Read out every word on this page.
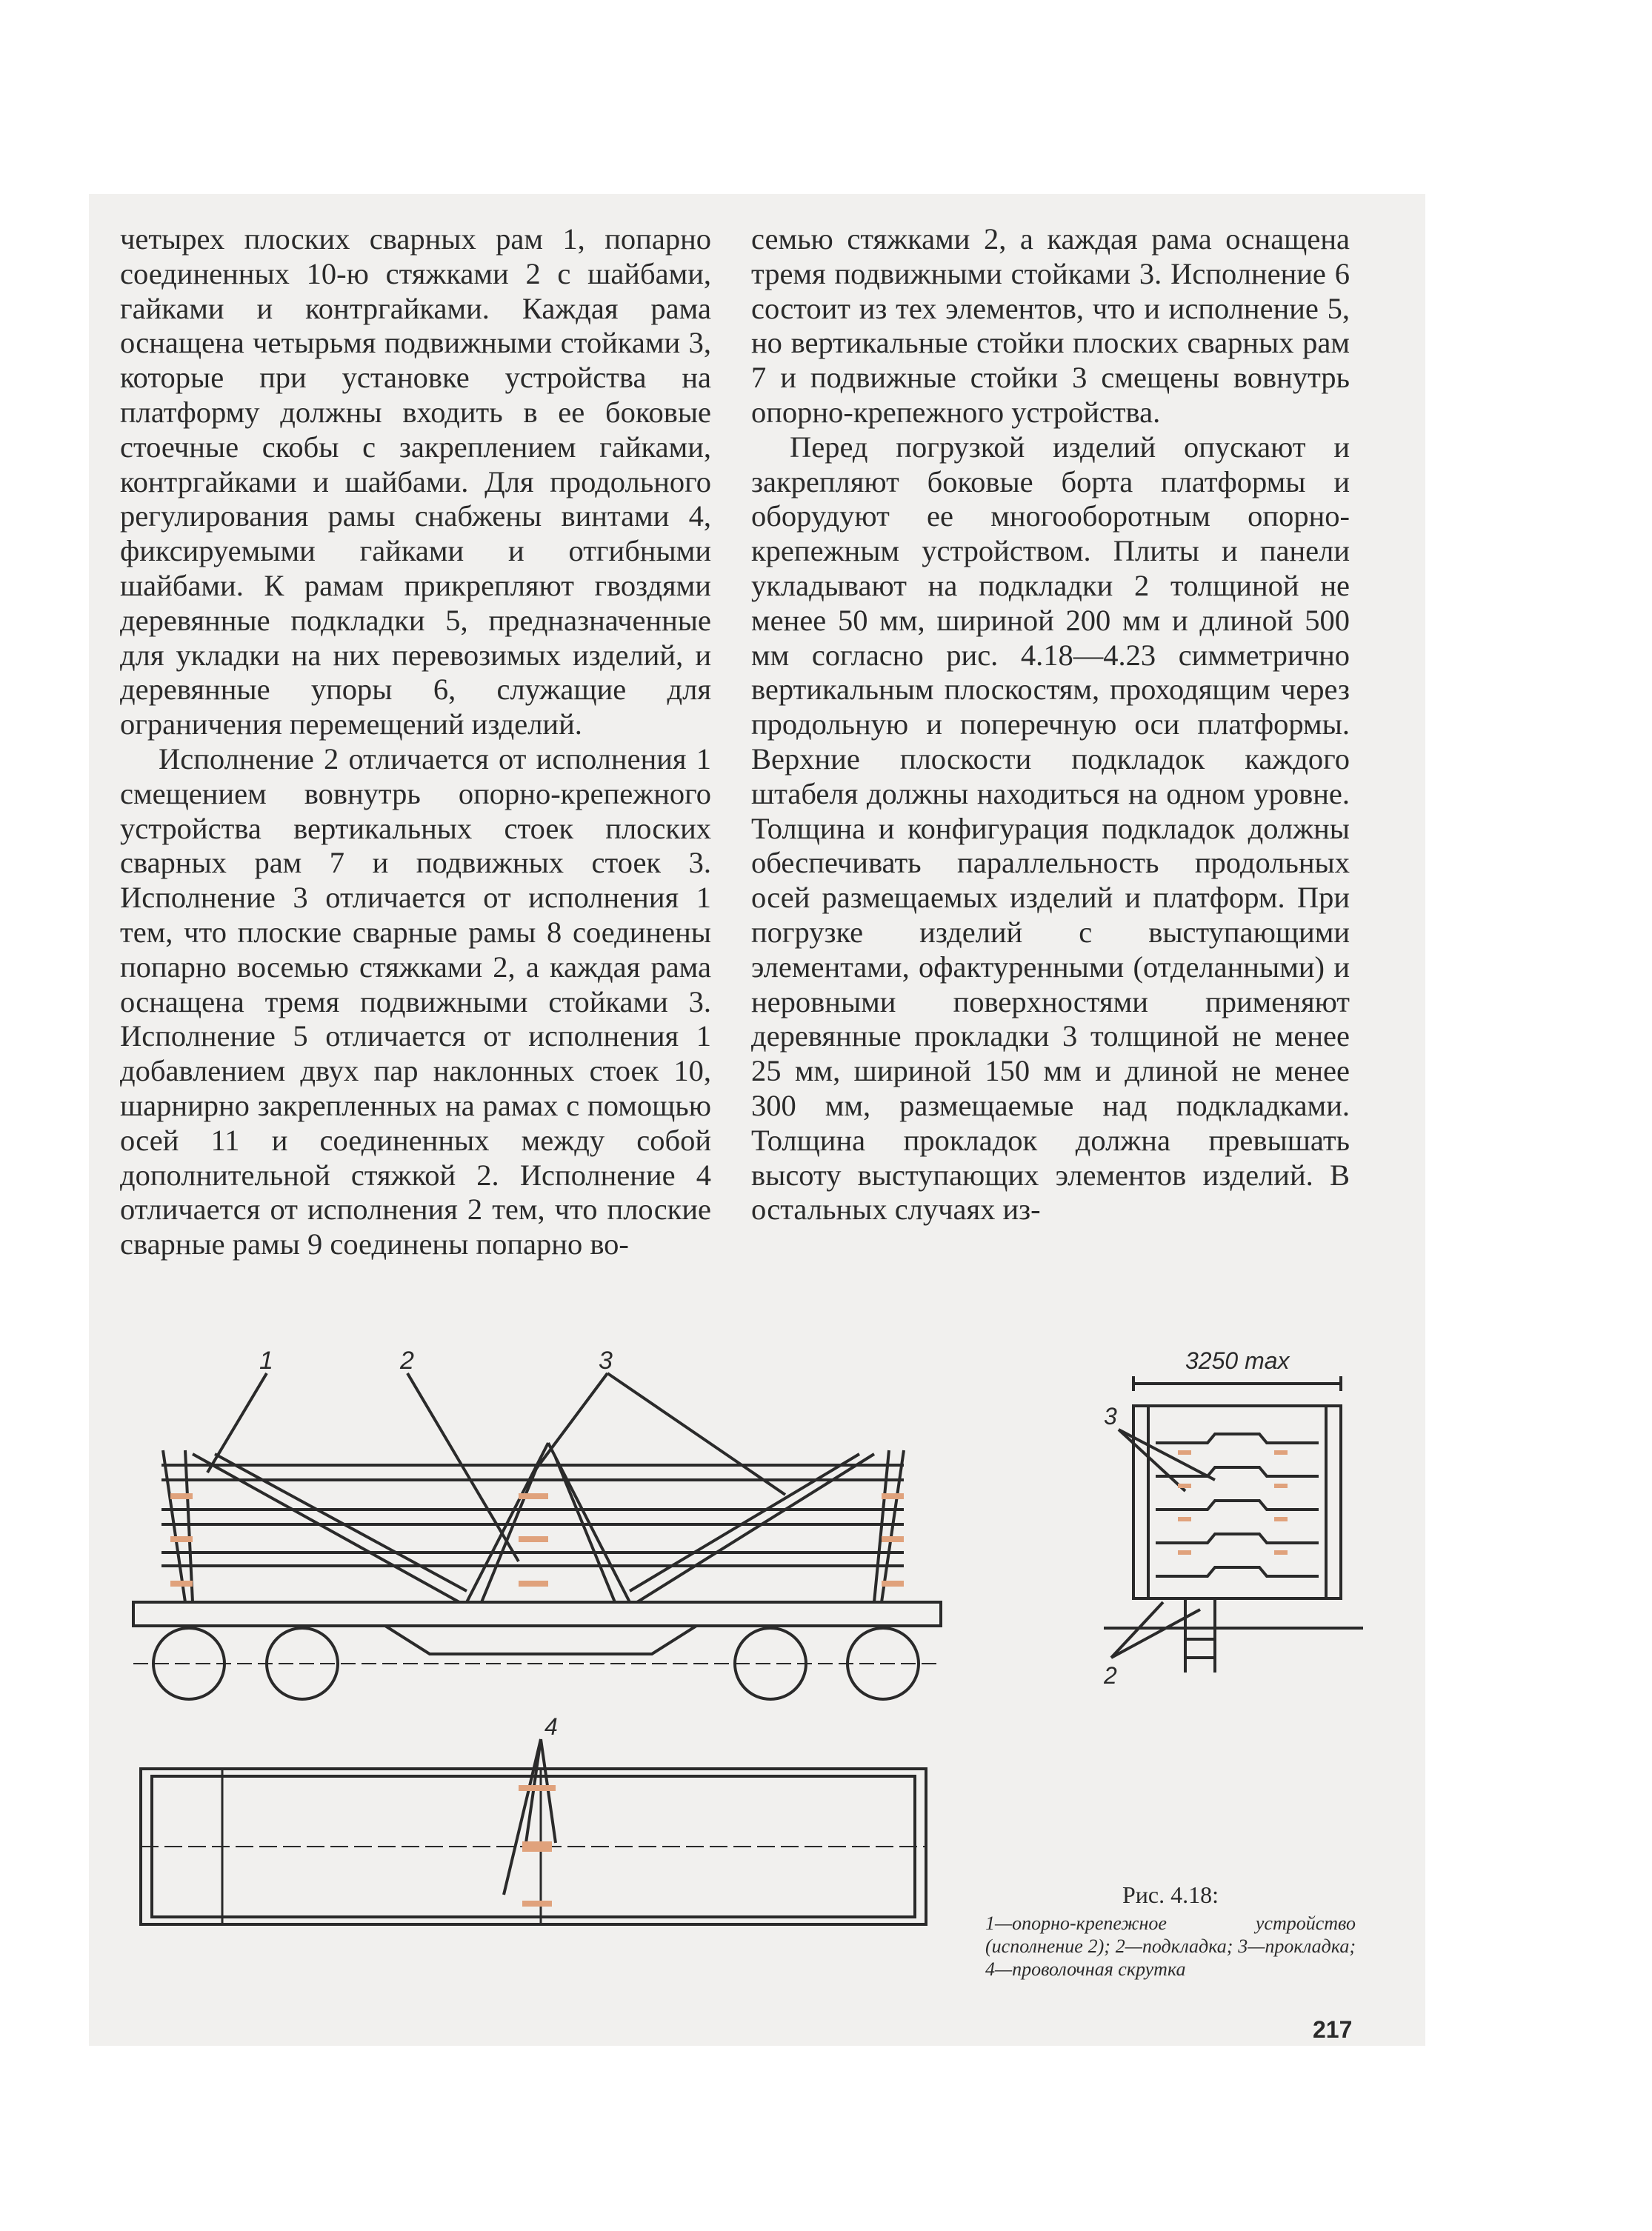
четырех плоских сварных рам 1, попарно соединенных 10-ю стяжками 2 с шайбами, гайками и контргайками. Каждая рама оснащена четырьмя подвижными стойками 3, которые при установке устройства на платформу должны входить в ее боковые стоечные скобы с закреплением гайками, контргайками и шайбами. Для продольного регулирования рамы снабжены винтами 4, фиксируемыми гайками и отгибными шайбами. К рамам прикрепляют гвоздями деревянные подкладки 5, предназначенные для укладки на них перевозимых изделий, и деревянные упоры 6, служащие для ограничения перемещений изделий.

Исполнение 2 отличается от исполнения 1 смещением вовнутрь опорно-крепежного устройства вертикальных стоек плоских сварных рам 7 и подвижных стоек 3. Исполнение 3 отличается от исполнения 1 тем, что плоские сварные рамы 8 соединены попарно восемью стяжками 2, а каждая рама оснащена тремя подвижными стойками 3. Исполнение 5 отличается от исполнения 1 добавлением двух пар наклонных стоек 10, шарнирно закрепленных на рамах с помощью осей 11 и соединенных между собой дополнительной стяжкой 2. Исполнение 4 отличается от исполнения 2 тем, что плоские сварные рамы 9 соединены попарно во-

семью стяжками 2, а каждая рама оснащена тремя подвижными стойками 3. Исполнение 6 состоит из тех элементов, что и исполнение 5, но вертикальные стойки плоских сварных рам 7 и подвижные стойки 3 смещены вовнутрь опорно-крепежного устройства.

Перед погрузкой изделий опускают и закрепляют боковые борта платформы и оборудуют ее многооборотным опорно-крепежным устройством. Плиты и панели укладывают на подкладки 2 толщиной не менее 50 мм, шириной 200 мм и длиной 500 мм согласно рис. 4.18—4.23 симметрично вертикальным плоскостям, проходящим через продольную и поперечную оси платформы. Верхние плоскости подкладок каждого штабеля должны находиться на одном уровне. Толщина и конфигурация подкладок должны обеспечивать параллельность продольных осей размещаемых изделий и платформ. При погрузке изделий с выступающими элементами, офактуренными (отделанными) и неровными поверхностями применяют деревянные прокладки 3 толщиной не менее 25 мм, шириной 150 мм и длиной не менее 300 мм, размещаемые над подкладками. Толщина прокладок должна превышать высоту выступающих элементов изделий. В остальных случаях из-

1	2	3	3250 max
3
2
4
Рис. 4.18:
1—опорно-крепежное устройство (исполнение 2); 2—подкладка; 3—прокладка; 4—проволочная скрутка
217
